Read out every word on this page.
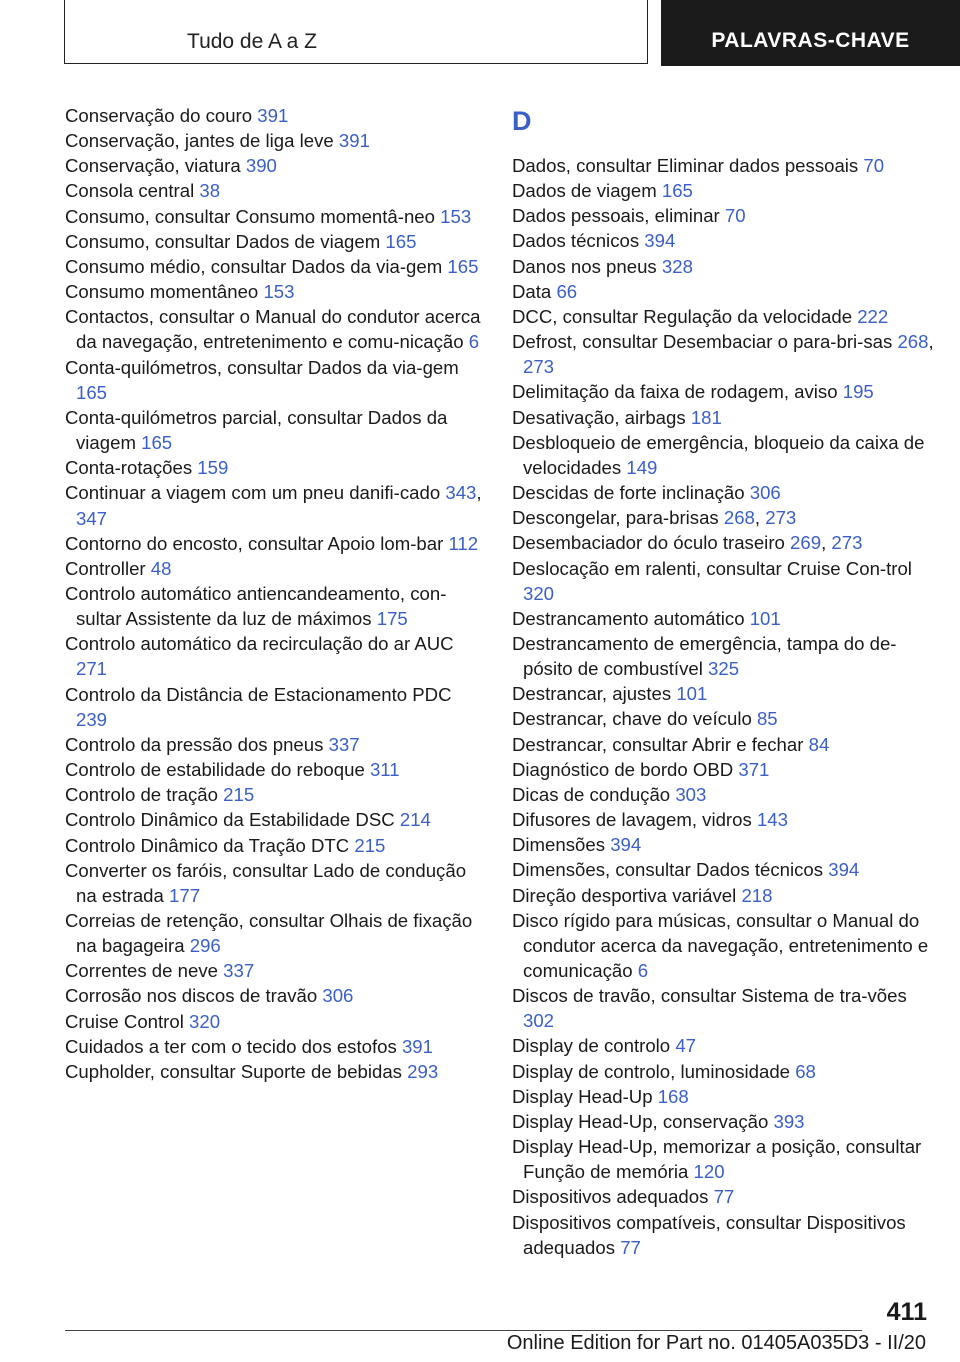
Tudo de A a Z	PALAVRAS-CHAVE
Conservação do couro 391
Conservação, jantes de liga leve 391
Conservação, viatura 390
Consola central 38
Consumo, consultar Consumo momentâ‐neo 153
Consumo, consultar Dados de viagem 165
Consumo médio, consultar Dados da via‐gem 165
Consumo momentâneo 153
Contactos, consultar o Manual do condutor acerca da navegação, entretenimento e comu‐nicação 6
Conta-quilómetros, consultar Dados da via‐gem 165
Conta-quilómetros parcial, consultar Dados da viagem 165
Conta-rotações 159
Continuar a viagem com um pneu danifi‐cado 343, 347
Contorno do encosto, consultar Apoio lom‐bar 112
Controller 48
Controlo automático antiencandeamento, con‐sultar Assistente da luz de máximos 175
Controlo automático da recirculação do ar AUC 271
Controlo da Distância de Estacionamento PDC 239
Controlo da pressão dos pneus 337
Controlo de estabilidade do reboque 311
Controlo de tração 215
Controlo Dinâmico da Estabilidade DSC 214
Controlo Dinâmico da Tração DTC 215
Converter os faróis, consultar Lado de condução na estrada 177
Correias de retenção, consultar Olhais de fixação na bagageira 296
Correntes de neve 337
Corrosão nos discos de travão 306
Cruise Control 320
Cuidados a ter com o tecido dos estofos 391
Cupholder, consultar Suporte de bebidas 293
D
Dados, consultar Eliminar dados pessoais 70
Dados de viagem 165
Dados pessoais, eliminar 70
Dados técnicos 394
Danos nos pneus 328
Data 66
DCC, consultar Regulação da velocidade 222
Defrost, consultar Desembaciar o para-bri‐sas 268, 273
Delimitação da faixa de rodagem, aviso 195
Desativação, airbags 181
Desbloqueio de emergência, bloqueio da caixa de velocidades 149
Descidas de forte inclinação 306
Descongelar, para-brisas 268, 273
Desembaciador do óculo traseiro 269, 273
Deslocação em ralenti, consultar Cruise Con‐trol 320
Destrancamento automático 101
Destrancamento de emergência, tampa do de‐pósito de combustível 325
Destrancar, ajustes 101
Destrancar, chave do veículo 85
Destrancar, consultar Abrir e fechar 84
Diagnóstico de bordo OBD 371
Dicas de condução 303
Difusores de lavagem, vidros 143
Dimensões 394
Dimensões, consultar Dados técnicos 394
Direção desportiva variável 218
Disco rígido para músicas, consultar o Manual do condutor acerca da navegação, entretenimento e comunicação 6
Discos de travão, consultar Sistema de tra‐vões 302
Display de controlo 47
Display de controlo, luminosidade 68
Display Head-Up 168
Display Head-Up, conservação 393
Display Head-Up, memorizar a posição, consultar Função de memória 120
Dispositivos adequados 77
Dispositivos compatíveis, consultar Dispositivos adequados 77
411
Online Edition for Part no. 01405A035D3 - II/20
